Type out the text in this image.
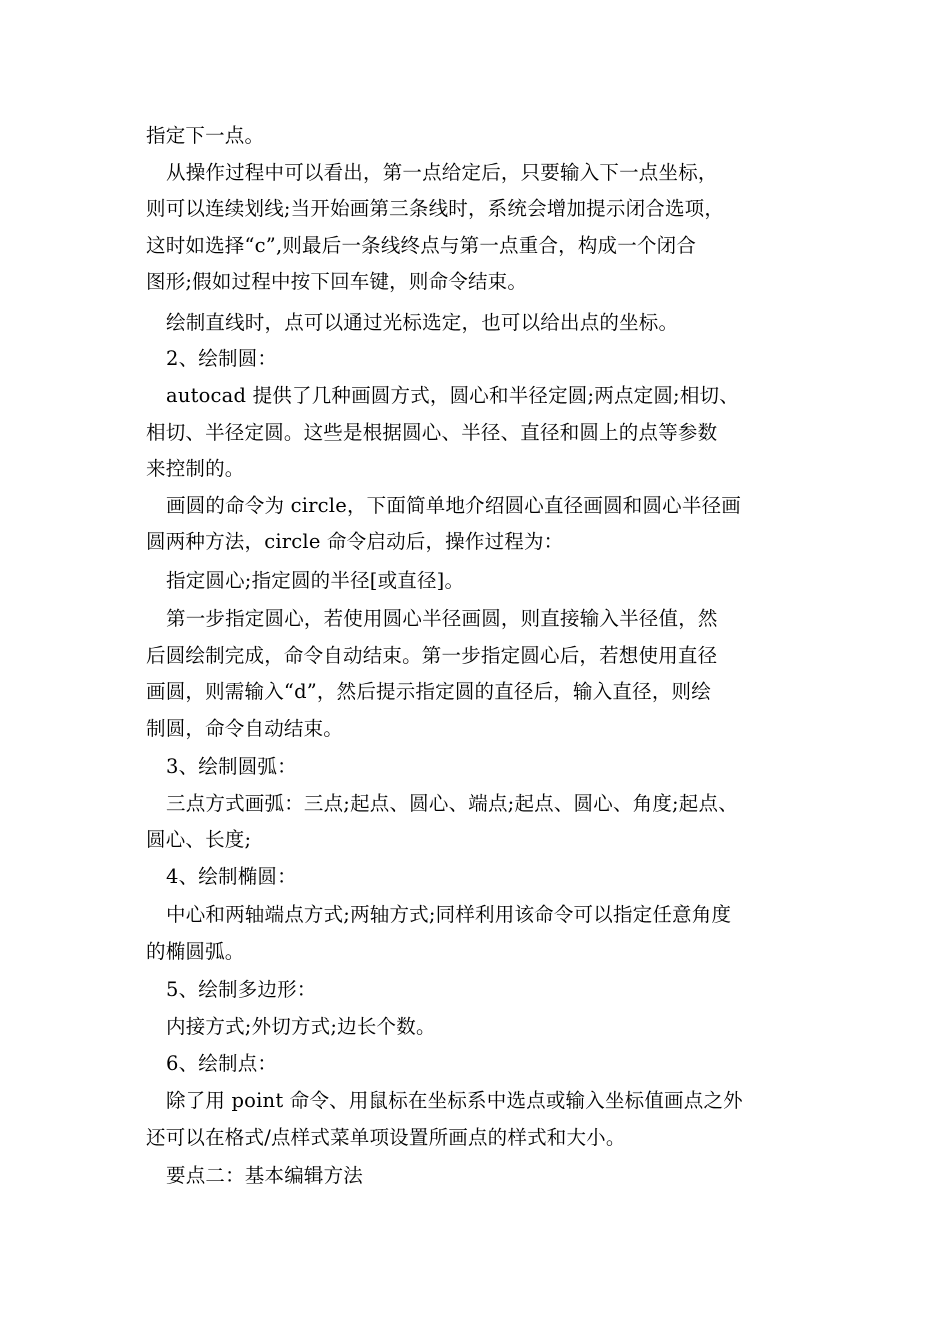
指定下一点。
从操作过程中可以看出，第一点给定后，只要输入下一点坐标，
则可以连续划线;当开始画第三条线时，系统会增加提示闭合选项，
这时如选择“c”,则最后一条线终点与第一点重合，构成一个闭合
图形;假如过程中按下回车键，则命令结束。
绘制直线时，点可以通过光标选定，也可以给出点的坐标。
2、绘制圆：
autocad 提供了几种画圆方式，圆心和半径定圆;两点定圆;相切、
相切、半径定圆。这些是根据圆心、半径、直径和圆上的点等参数
来控制的。
画圆的命令为 circle，下面简单地介绍圆心直径画圆和圆心半径画
圆两种方法，circle 命令启动后，操作过程为：
指定圆心;指定圆的半径[或直径]。
第一步指定圆心，若使用圆心半径画圆，则直接输入半径值，然
后圆绘制完成，命令自动结束。第一步指定圆心后，若想使用直径
画圆，则需输入“d”，然后提示指定圆的直径后，输入直径，则绘
制圆，命令自动结束。
3、绘制圆弧：
三点方式画弧：三点;起点、圆心、端点;起点、圆心、角度;起点、
圆心、长度;
4、绘制椭圆：
中心和两轴端点方式;两轴方式;同样利用该命令可以指定任意角度
的椭圆弧。
5、绘制多边形：
内接方式;外切方式;边长个数。
6、绘制点：
除了用 point 命令、用鼠标在坐标系中选点或输入坐标值画点之外
还可以在格式/点样式菜单项设置所画点的样式和大小。
要点二：基本编辑方法
